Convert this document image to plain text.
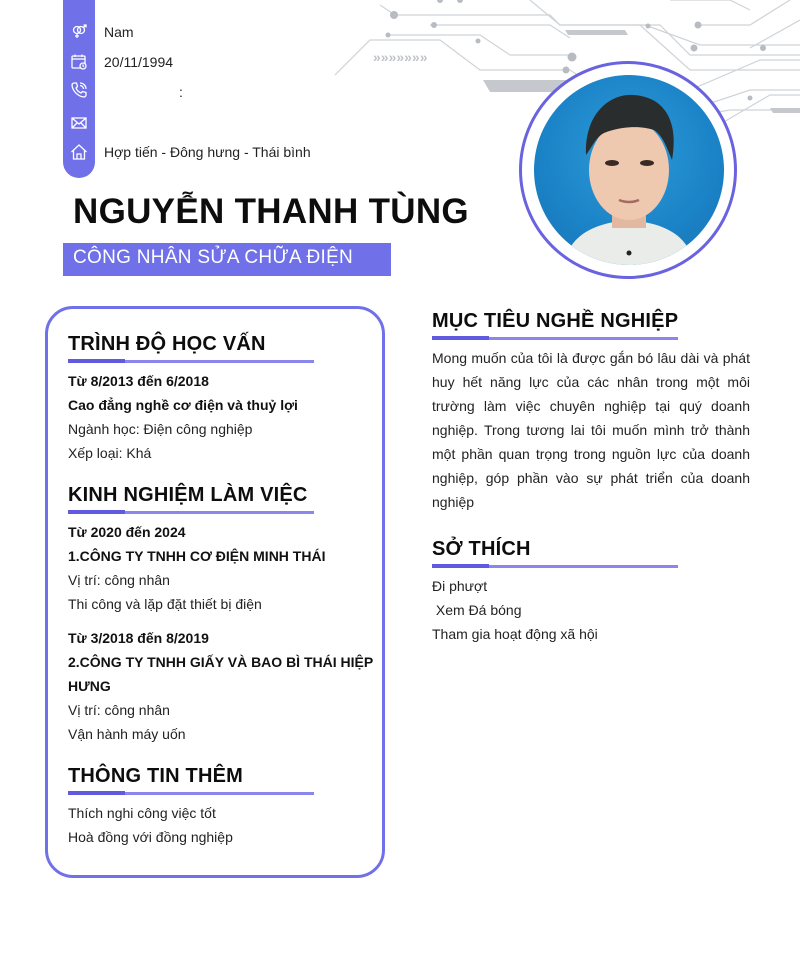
»»»»»»»
Nam
20/11/1994
:
Hợp tiến - Đông hưng - Thái bình
NGUYỄN THANH TÙNG
CÔNG NHÂN SỬA CHỮA ĐIỆN
TRÌNH ĐỘ HỌC VẤN
Từ 8/2013 đến 6/2018
Cao đẳng nghề cơ điện và thuỷ lợi
Ngành học: Điện công nghiệp
Xếp loại: Khá
KINH NGHIỆM LÀM VIỆC
Từ 2020 đến 2024
1.CÔNG TY TNHH CƠ ĐIỆN MINH THÁI
Vị trí: công nhân
Thi công và lặp đặt thiết bị điện
Từ 3/2018 đến 8/2019
2.CÔNG TY TNHH GIẤY VÀ BAO BÌ THÁI HIỆP
HƯNG
Vị trí: công nhân
Vận hành máy uốn
THÔNG TIN THÊM
Thích nghi công việc tốt
Hoà đồng với đồng nghiệp
MỤC TIÊU NGHỀ NGHIỆP
Mong muốn của tôi là được gắn bó lâu dài và phát huy hết năng lực của các nhân trong một môi trường làm việc chuyên nghiệp tại quý doanh nghiệp. Trong tương lai tôi muốn mình trở thành một phần quan trọng trong nguồn lực của doanh nghiệp, góp phần vào sự phát triển của doanh nghiệp
SỞ THÍCH
Đi phượt
Xem Đá bóng
Tham gia hoạt động xã hội
